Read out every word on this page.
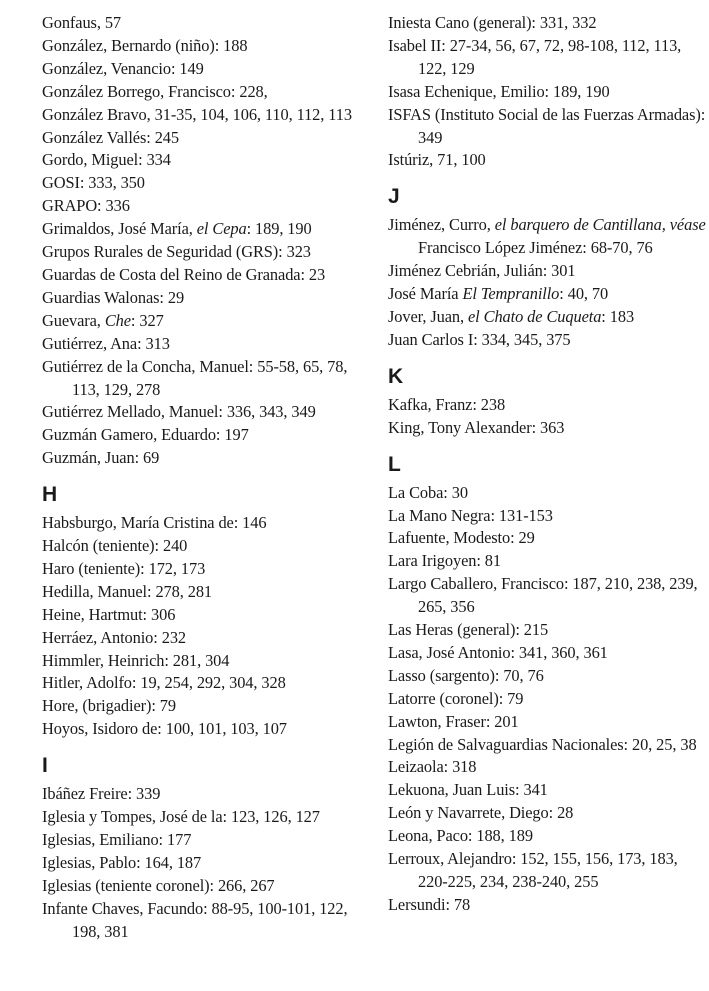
Gonfaus, 57
González, Bernardo (niño): 188
González, Venancio: 149
González Borrego, Francisco: 228,
González Bravo, 31-35, 104, 106, 110, 112, 113
González Vallés: 245
Gordo, Miguel: 334
GOSI: 333, 350
GRAPO: 336
Grimaldos, José María, el Cepa: 189, 190
Grupos Rurales de Seguridad (GRS): 323
Guardas de Costa del Reino de Granada: 23
Guardias Walonas: 29
Guevara, Che: 327
Gutiérrez, Ana: 313
Gutiérrez de la Concha, Manuel: 55-58, 65, 78, 113, 129, 278
Gutiérrez Mellado, Manuel: 336, 343, 349
Guzmán Gamero, Eduardo: 197
Guzmán, Juan: 69
H
Habsburgo, María Cristina de: 146
Halcón (teniente): 240
Haro (teniente): 172, 173
Hedilla, Manuel: 278, 281
Heine, Hartmut: 306
Herráez, Antonio: 232
Himmler, Heinrich: 281, 304
Hitler, Adolfo: 19, 254, 292, 304, 328
Hore, (brigadier): 79
Hoyos, Isidoro de: 100, 101, 103, 107
I
Ibáñez Freire: 339
Iglesia y Tompes, José de la: 123, 126, 127
Iglesias, Emiliano: 177
Iglesias, Pablo: 164, 187
Iglesias (teniente coronel): 266, 267
Infante Chaves, Facundo: 88-95, 100-101, 122, 198, 381
Iniesta Cano (general): 331, 332
Isabel II: 27-34, 56, 67, 72, 98-108, 112, 113, 122, 129
Isasa Echenique, Emilio: 189, 190
ISFAS (Instituto Social de las Fuerzas Armadas): 349
Istúriz, 71, 100
J
Jiménez, Curro, el barquero de Cantillana, véase Francisco López Jiménez: 68-70, 76
Jiménez Cebrián, Julián: 301
José María El Tempranillo: 40, 70
Jover, Juan, el Chato de Cuqueta: 183
Juan Carlos I: 334, 345, 375
K
Kafka, Franz: 238
King, Tony Alexander: 363
L
La Coba: 30
La Mano Negra: 131-153
Lafuente, Modesto: 29
Lara Irigoyen: 81
Largo Caballero, Francisco: 187, 210, 238, 239, 265, 356
Las Heras (general): 215
Lasa, José Antonio: 341, 360, 361
Lasso (sargento): 70, 76
Latorre (coronel): 79
Lawton, Fraser: 201
Legión de Salvaguardias Nacionales: 20, 25, 38
Leizaola: 318
Lekuona, Juan Luis: 341
León y Navarrete, Diego: 28
Leona, Paco: 188, 189
Lerroux, Alejandro: 152, 155, 156, 173, 183, 220-225, 234, 238-240, 255
Lersundi: 78
